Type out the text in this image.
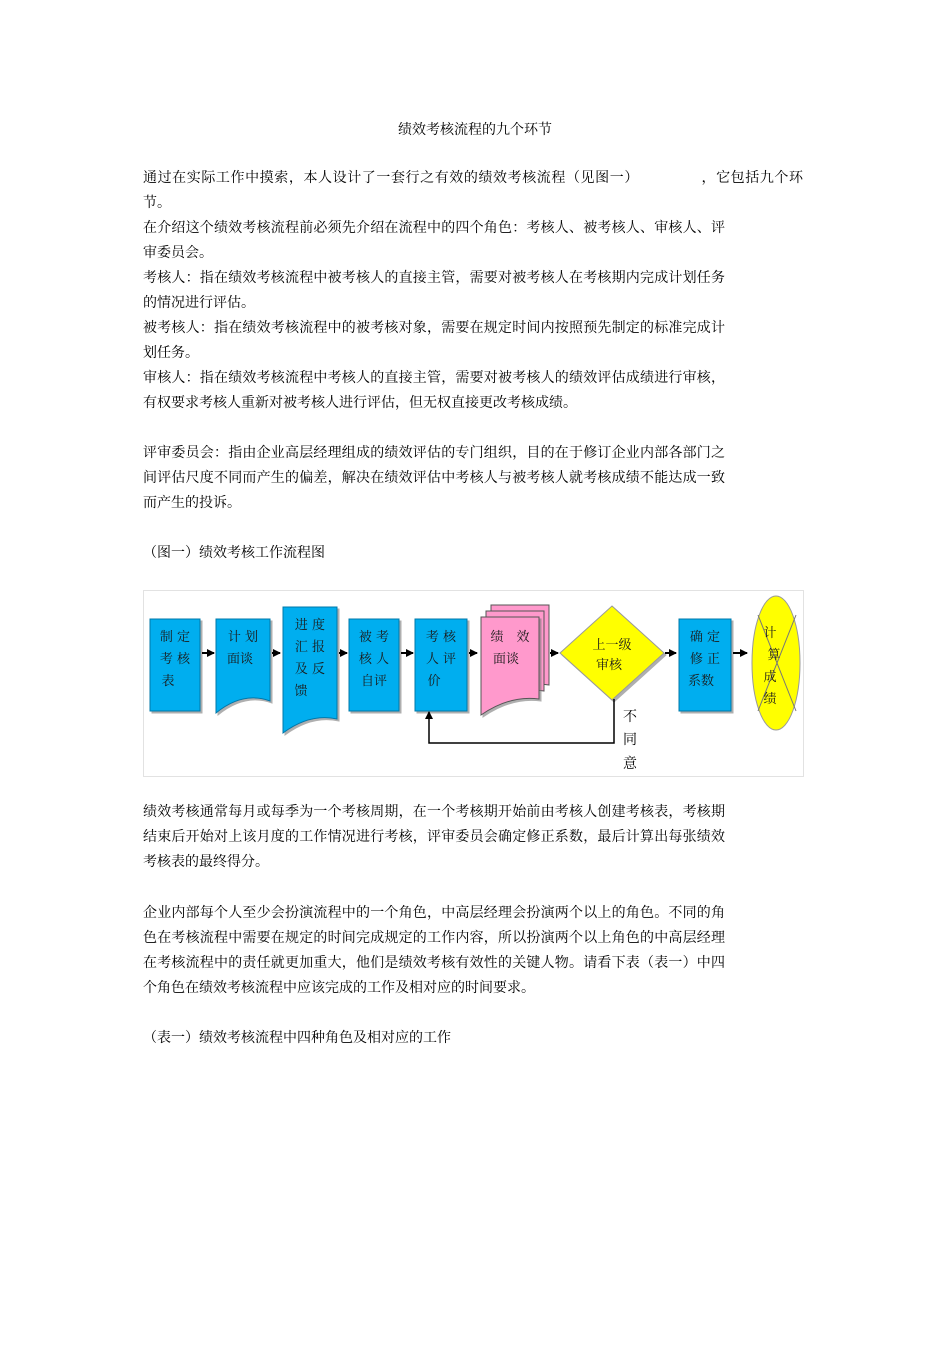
绩效考核流程的九个环节

通过在实际工作中摸索，本人设计了一套行之有效的绩效考核流程（见图一）	，它包括九个环节。

在介绍这个绩效考核流程前必须先介绍在流程中的四个角色：考核人、被考核人、审核人、评审委员会。

考核人：指在绩效考核流程中被考核人的直接主管，需要对被考核人在考核期内完成计划任务的情况进行评估。

被考核人：指在绩效考核流程中的被考核对象，需要在规定时间内按照预先制定的标准完成计划任务。

审核人：指在绩效考核流程中考核人的直接主管，需要对被考核人的绩效评估成绩进行审核，有权要求考核人重新对被考核人进行评估，但无权直接更改考核成绩。

评审委员会：指由企业高层经理组成的绩效评估的专门组织，目的在于修订企业内部各部门之间评估尺度不同而产生的偏差，解决在绩效评估中考核人与被考核人就考核成绩不能达成一致而产生的投诉。

（图一）绩效考核工作流程图
制 定
考 核
表
计 划
面谈
进 度
汇 报
及 反
馈
被 考
核 人
自评
考 核
人 评
价
绩　效
面谈
上一级
审核
确 定
修 正
系数
计
算
成
绩
不
同
意

绩效考核通常每月或每季为一个考核周期，在一个考核期开始前由考核人创建考核表，考核期结束后开始对上该月度的工作情况进行考核，评审委员会确定修正系数，最后计算出每张绩效考核表的最终得分。

企业内部每个人至少会扮演流程中的一个角色，中高层经理会扮演两个以上的角色。不同的角色在考核流程中需要在规定的时间完成规定的工作内容，所以扮演两个以上角色的中高层经理在考核流程中的责任就更加重大，他们是绩效考核有效性的关键人物。请看下表（表一）中四个角色在绩效考核流程中应该完成的工作及相对应的时间要求。

（表一）绩效考核流程中四种角色及相对应的工作
